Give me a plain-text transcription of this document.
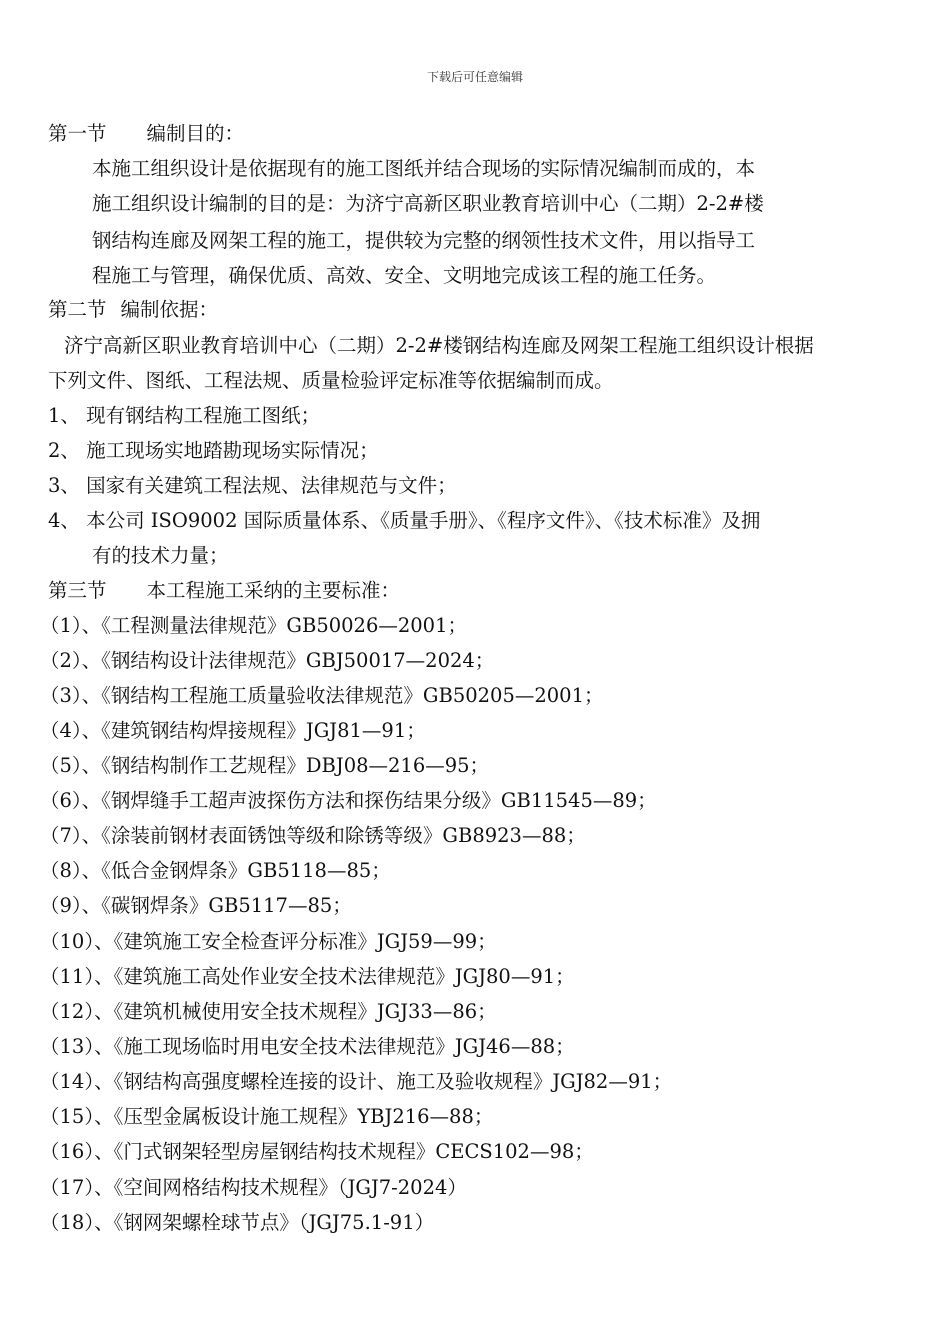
下载后可任意编辑
第一节 编制目的：
本施工组织设计是依据现有的施工图纸并结合现场的实际情况编制而成的，本
施工组织设计编制的目的是：为济宁高新区职业教育培训中心（二期）2-2#楼
钢结构连廊及网架工程的施工，提供较为完整的纲领性技术文件，用以指导工
程施工与管理，确保优质、高效、安全、文明地完成该工程的施工任务。
第二节 编制依据：
济宁高新区职业教育培训中心（二期）2-2#楼钢结构连廊及网架工程施工组织设计根据
下列文件、图纸、工程法规、质量检验评定标准等依据编制而成。
1、 现有钢结构工程施工图纸；
2、 施工现场实地踏勘现场实际情况；
3、 国家有关建筑工程法规、法律规范与文件；
4、 本公司 ISO9002 国际质量体系、《质量手册》、《程序文件》、《技术标准》及拥
有的技术力量；
第三节 本工程施工采纳的主要标准：
（1）、《工程测量法律规范》GB50026—2001；
（2）、《钢结构设计法律规范》GBJ50017—2024；
（3）、《钢结构工程施工质量验收法律规范》GB50205—2001；
（4）、《建筑钢结构焊接规程》JGJ81—91；
（5）、《钢结构制作工艺规程》DBJ08—216—95；
（6）、《钢焊缝手工超声波探伤方法和探伤结果分级》GB11545—89；
（7）、《涂装前钢材表面锈蚀等级和除锈等级》GB8923—88；
（8）、《低合金钢焊条》GB5118—85；
（9）、《碳钢焊条》GB5117—85；
（10）、《建筑施工安全检查评分标准》JGJ59—99；
（11）、《建筑施工高处作业安全技术法律规范》JGJ80—91；
（12）、《建筑机械使用安全技术规程》JGJ33—86；
（13）、《施工现场临时用电安全技术法律规范》JGJ46—88；
（14）、《钢结构高强度螺栓连接的设计、施工及验收规程》JGJ82—91；
（15）、《压型金属板设计施工规程》YBJ216—88；
（16）、《门式钢架轻型房屋钢结构技术规程》CECS102—98；
（17）、《空间网格结构技术规程》（JGJ7-2024）
（18）、《钢网架螺栓球节点》（JGJ75.1-91）
